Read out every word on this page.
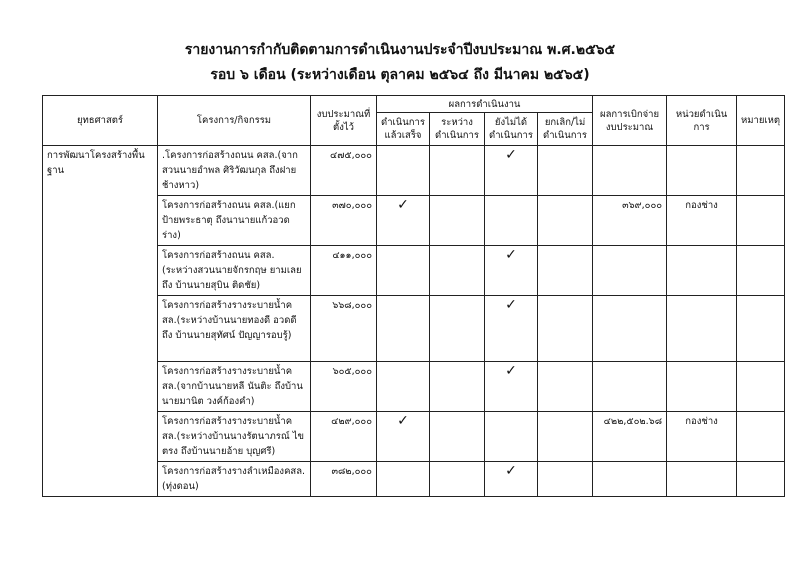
รายงานการกำกับติดตามการดำเนินงานประจำปีงบประมาณ พ.ศ.๒๕๖๕
รอบ ๖ เดือน (ระหว่างเดือน ตุลาคม ๒๕๖๔ ถึง มีนาคม ๒๕๖๕)
ยุทธศาสตร์	โครงการ/กิจกรรม	งบประมาณที่ตั้งไว้	ผลการดำเนินงาน				ผลการเบิกจ่ายงบประมาณ	หน่วยดำเนินการ	หมายเหตุ
			ดำเนินการแล้วเสร็จ	ระหว่างดำเนินการ	ยังไม่ได้ดำเนินการ	ยกเลิก/ไม่ดำเนินการ			
การพัฒนาโครงสร้างพื้นฐาน	.โครงการก่อสร้างถนน คสล.(จากสวนนายอำพล ศิริวัฒนกุล ถึงฝายช้างหาว)	๔๗๕,๐๐๐			✓				
	โครงการก่อสร้างถนน คสล.(แยกป้ายพระธาตุ ถึงนานายแก้วอวดร่าง)	๓๗๐,๐๐๐	✓				๓๖๙,๐๐๐	กองช่าง	
	โครงการก่อสร้างถนน คสล.(ระหว่างสวนนายจักรกฤษ ยามเลย ถึง บ้านนายสุบิน ติดชัย)	๔๑๑,๐๐๐			✓				
	โครงการก่อสร้างรางระบายน้ำคสล.(ระหว่างบ้านนายทองดี อวดดี ถึง บ้านนายสุทัศน์ ปัญญารอบรู้)	๖๖๘,๐๐๐			✓				
	โครงการก่อสร้างรางระบายน้ำคสล.(จากบ้านนายหลี นันติะ ถึงบ้านนายมานิต วงค์ก้องคำ)	๖๐๕,๐๐๐			✓				
	โครงการก่อสร้างรางระบายน้ำคสล.(ระหว่างบ้านนางรัตนาภรณ์ ไขตรง ถึงบ้านนายอ้าย บุญศรี)	๔๒๙,๐๐๐	✓				๔๒๒,๕๐๒.๖๘	กองช่าง	
	โครงการก่อสร้างรางลำเหมืองคสล.(ทุ่งดอน)	๓๘๒,๐๐๐			✓				
